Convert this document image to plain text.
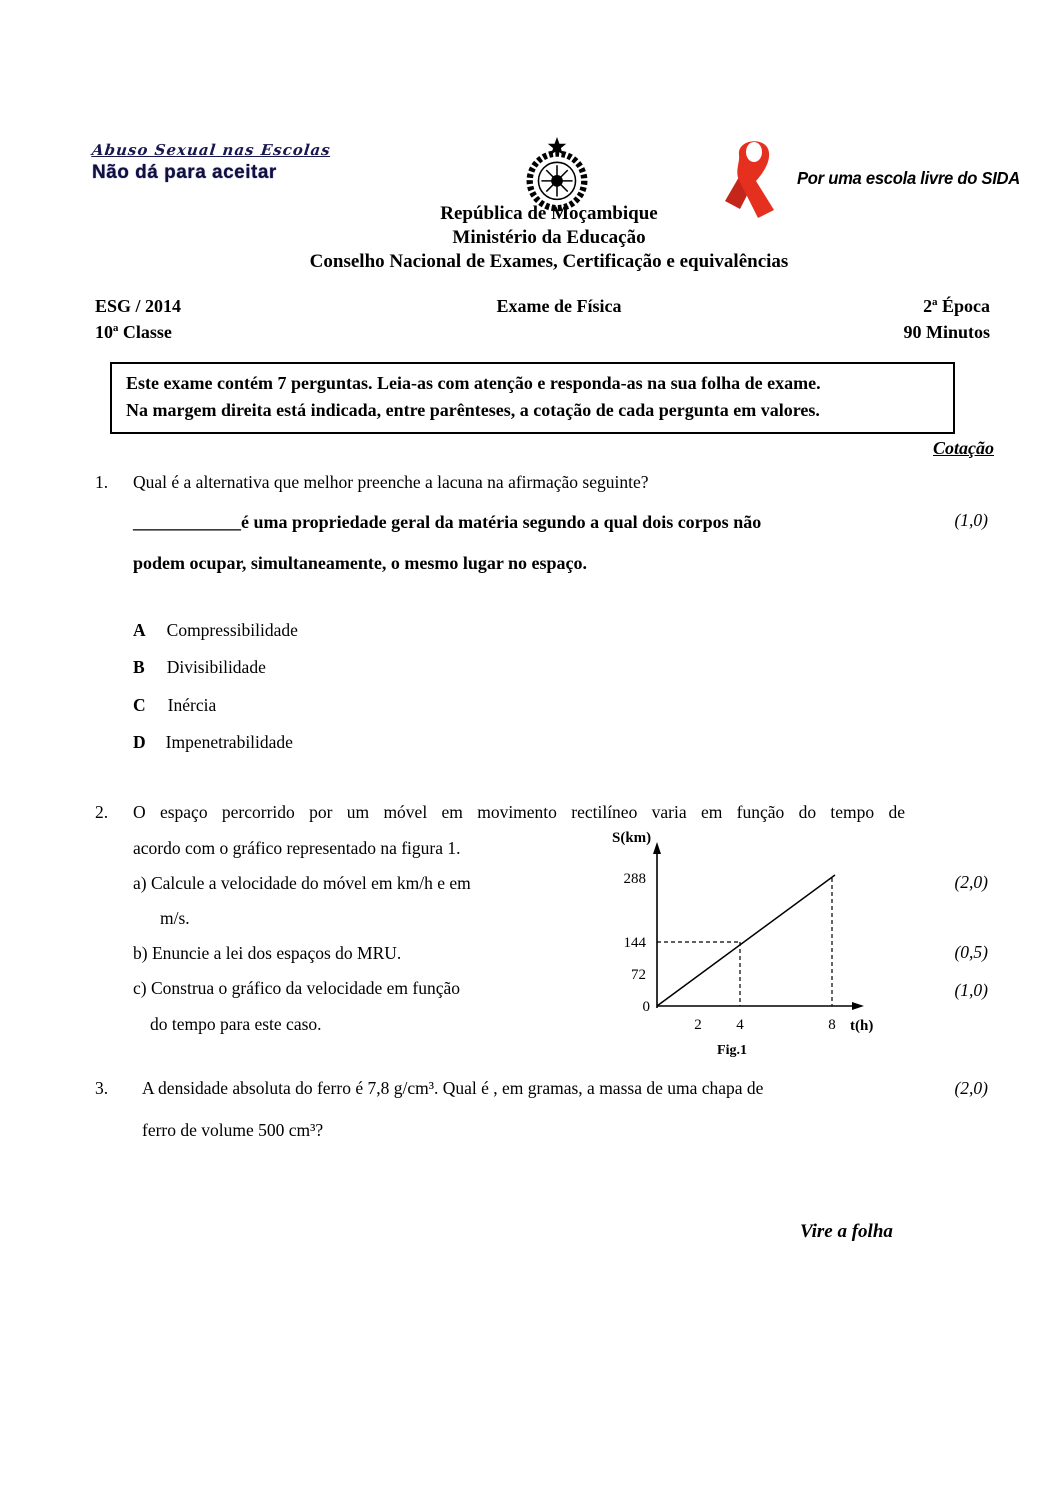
Abuso Sexual nas Escolas
Não dá para aceitar	Por uma escola livre do SIDA
República de Moçambique
Ministério da Educação
Conselho Nacional de Exames, Certificação e equivalências
ESG / 2014	Exame de Física	2ª Época
10ª Classe	90 Minutos
Este exame contém 7 perguntas. Leia-as com atenção e responda-as na sua folha de exame.
Na margem direita está indicada, entre parênteses, a cotação de cada pergunta em valores.
Cotação
1. Qual é a alternativa que melhor preenche a lacuna na afirmação seguinte?
____________é uma propriedade geral da matéria segundo a qual dois corpos não	(1,0)
podem ocupar, simultaneamente, o mesmo lugar no espaço.
A Compressibilidade
B Divisibilidade
C Inércia
D Impenetrabilidade
2. O espaço percorrido por um móvel em movimento rectilíneo varia em função do tempo de
acordo com o gráfico representado na figura 1.
a) Calcule a velocidade do móvel em km/h e em	(2,0)
m/s.
b) Enuncie a lei dos espaços do MRU.	(0,5)
c) Construa o gráfico da velocidade em função	(1,0)
do tempo para este caso.
S(km)
288
144
72
0
2 4	8 t(h)
Fig.1
3. A densidade absoluta do ferro é 7,8 g/cm³. Qual é , em gramas, a massa de uma chapa de	(2,0)
ferro de volume 500 cm³?
Vire a folha
